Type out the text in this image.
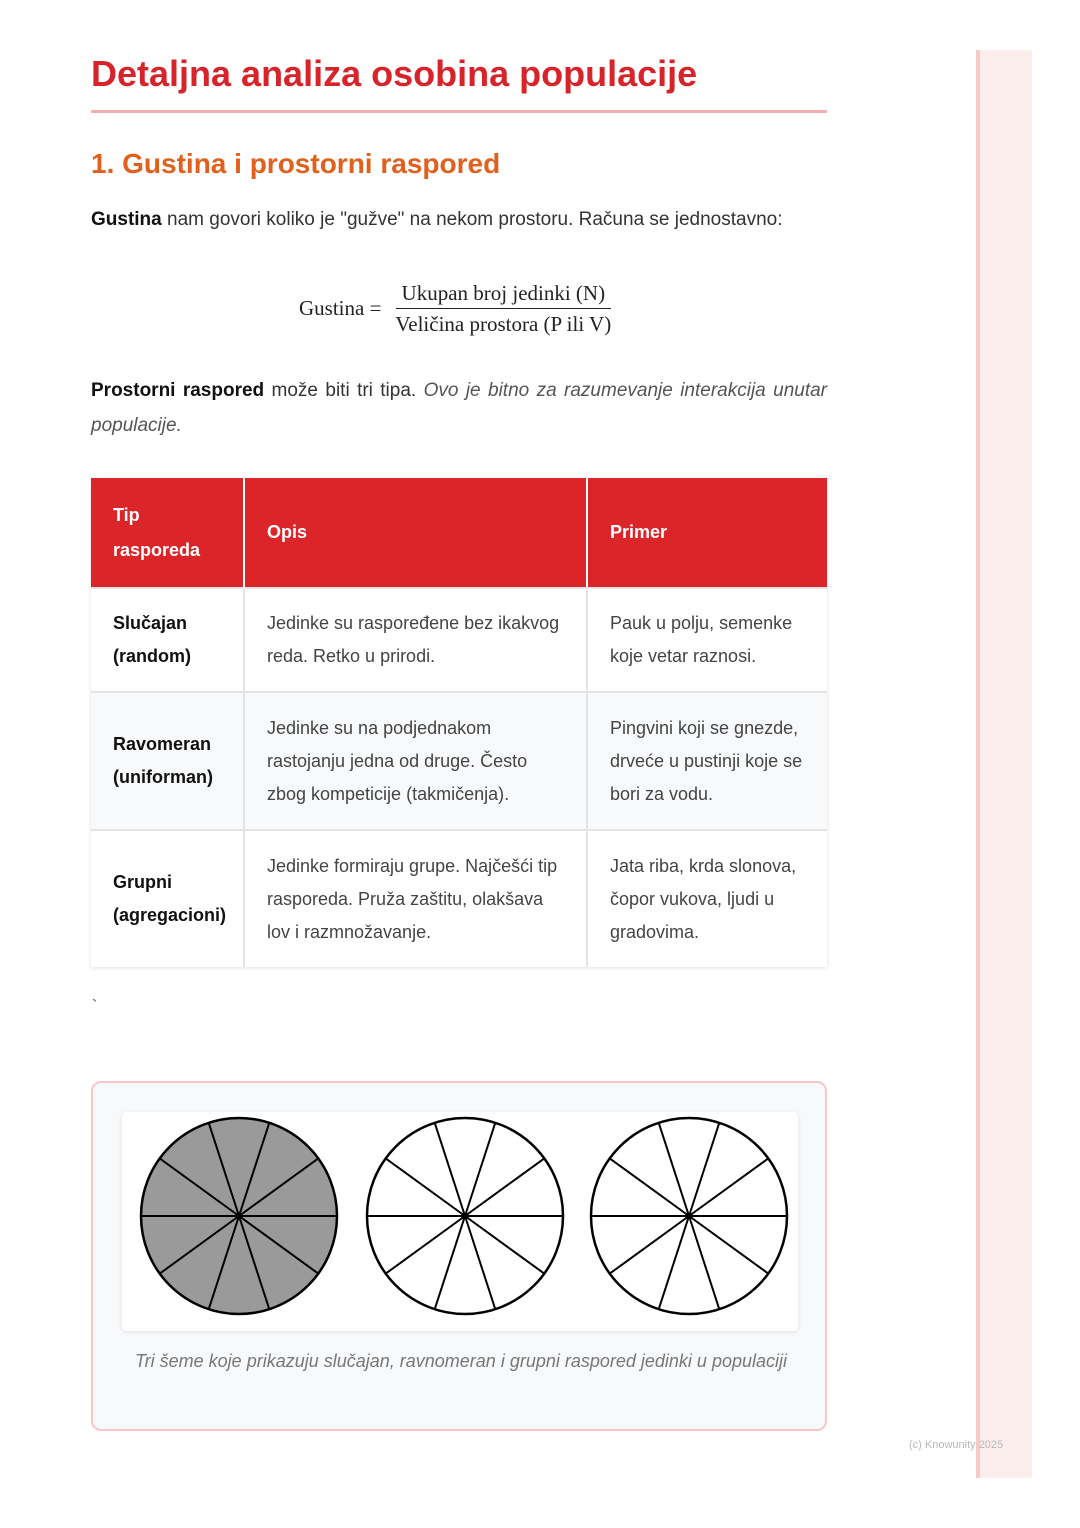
Detaljna analiza osobina populacije
1. Gustina i prostorni raspored
Gustina nam govori koliko je "gužve" na nekom prostoru. Računa se jednostavno:
Gustina = $\frac{\text{Ukupan broj jedinki (N)}}{\text{Veličina prostora (P ili V)}}$
Prostorni raspored može biti tri tipa. Ovo je bitno za razumevanje interakcija unutar populacije.
Tip rasporeda	Opis	Primer
Slučajan (random)	Jedinke su raspoređene bez ikakvog reda. Retko u prirodi.	Pauk u polju, semenke koje vetar raznosi.
Ravomeran (uniforman)	Jedinke su na podjednakom rastojanju jedna od druge. Često zbog kompeticije (takmičenja).	Pingvini koji se gnezde, drveće u pustinji koje se bori za vodu.
Grupni (agregacioni)	Jedinke formiraju grupe. Najčešći tip rasporeda. Pruža zaštitu, olakšava lov i razmnožavanje.	Jata riba, krda slonova, čopor vukova, ljudi u gradovima.
`
Tri šeme koje prikazuju slučajan, ravnomeran i grupni raspored jedinki u populaciji
(c) Knowunity 2025
